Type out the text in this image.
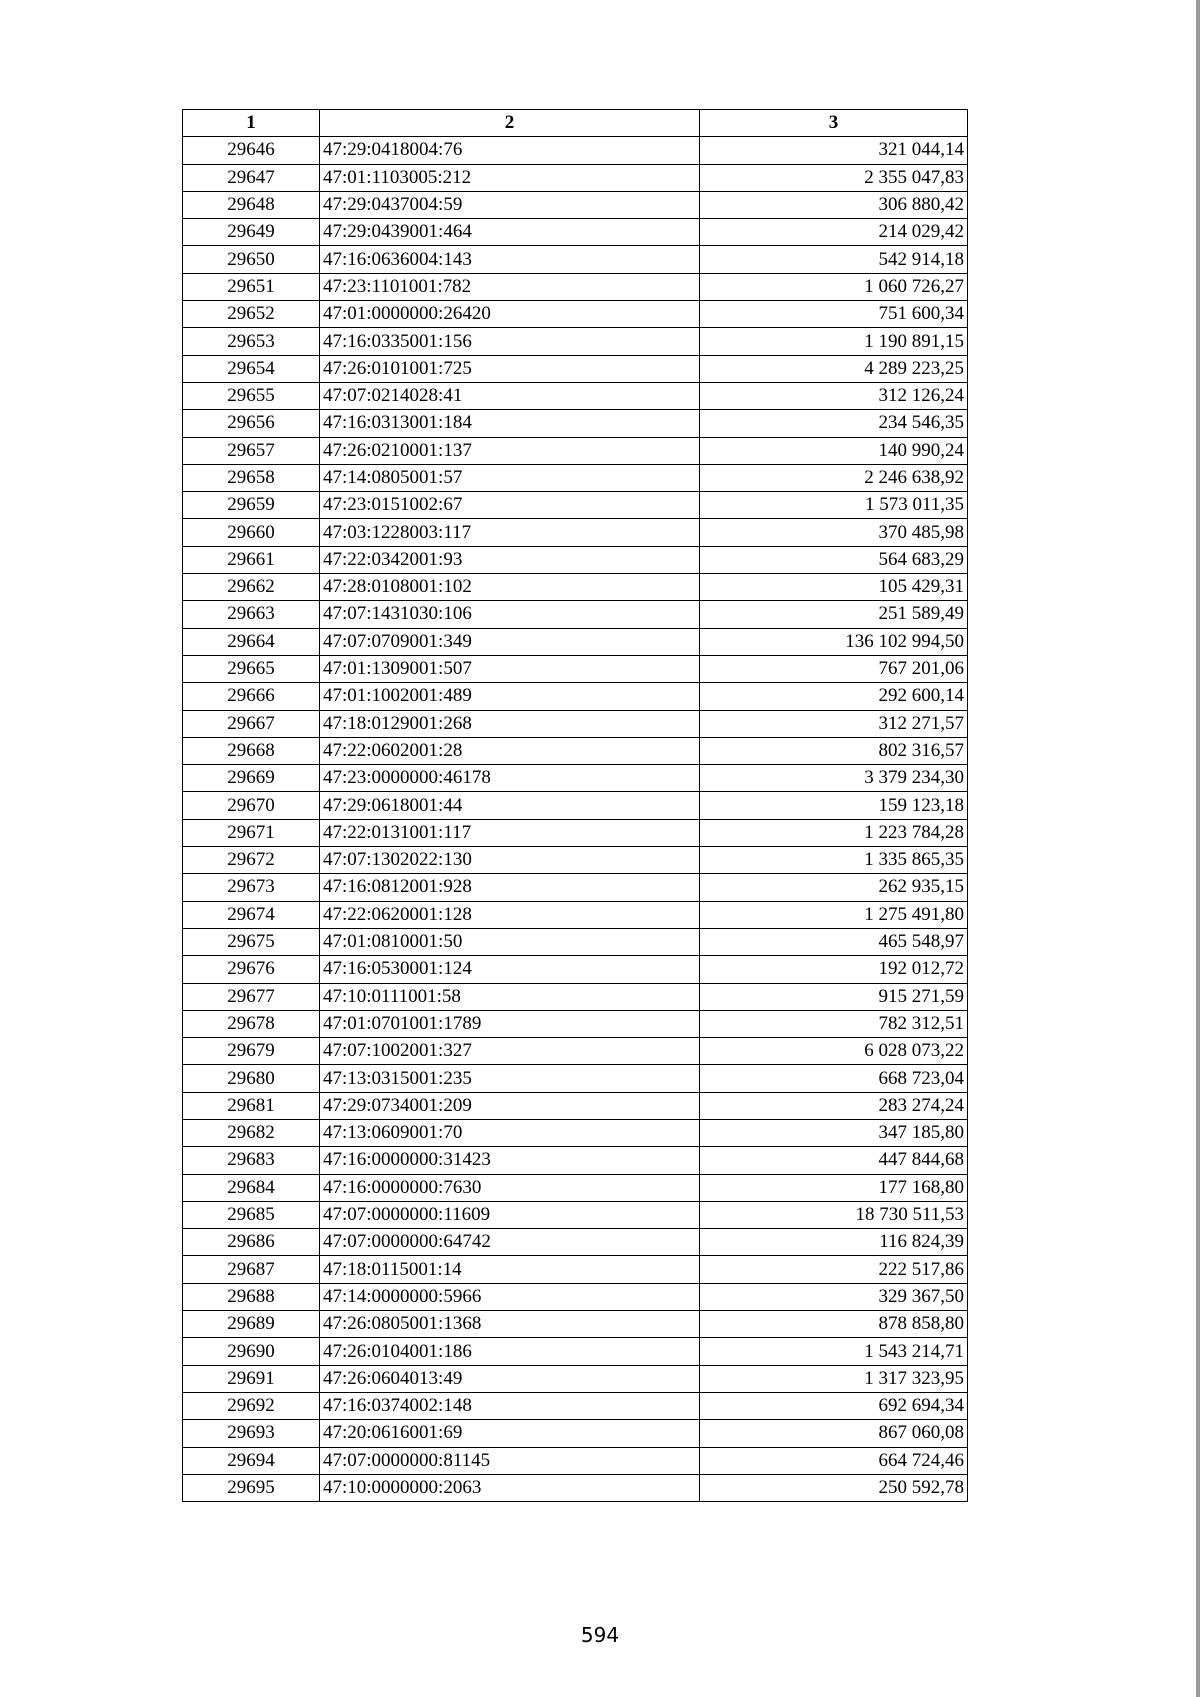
1	2	3
29646	47:29:0418004:76	321 044,14
29647	47:01:1103005:212	2 355 047,83
29648	47:29:0437004:59	306 880,42
29649	47:29:0439001:464	214 029,42
29650	47:16:0636004:143	542 914,18
29651	47:23:1101001:782	1 060 726,27
29652	47:01:0000000:26420	751 600,34
29653	47:16:0335001:156	1 190 891,15
29654	47:26:0101001:725	4 289 223,25
29655	47:07:0214028:41	312 126,24
29656	47:16:0313001:184	234 546,35
29657	47:26:0210001:137	140 990,24
29658	47:14:0805001:57	2 246 638,92
29659	47:23:0151002:67	1 573 011,35
29660	47:03:1228003:117	370 485,98
29661	47:22:0342001:93	564 683,29
29662	47:28:0108001:102	105 429,31
29663	47:07:1431030:106	251 589,49
29664	47:07:0709001:349	136 102 994,50
29665	47:01:1309001:507	767 201,06
29666	47:01:1002001:489	292 600,14
29667	47:18:0129001:268	312 271,57
29668	47:22:0602001:28	802 316,57
29669	47:23:0000000:46178	3 379 234,30
29670	47:29:0618001:44	159 123,18
29671	47:22:0131001:117	1 223 784,28
29672	47:07:1302022:130	1 335 865,35
29673	47:16:0812001:928	262 935,15
29674	47:22:0620001:128	1 275 491,80
29675	47:01:0810001:50	465 548,97
29676	47:16:0530001:124	192 012,72
29677	47:10:0111001:58	915 271,59
29678	47:01:0701001:1789	782 312,51
29679	47:07:1002001:327	6 028 073,22
29680	47:13:0315001:235	668 723,04
29681	47:29:0734001:209	283 274,24
29682	47:13:0609001:70	347 185,80
29683	47:16:0000000:31423	447 844,68
29684	47:16:0000000:7630	177 168,80
29685	47:07:0000000:11609	18 730 511,53
29686	47:07:0000000:64742	116 824,39
29687	47:18:0115001:14	222 517,86
29688	47:14:0000000:5966	329 367,50
29689	47:26:0805001:1368	878 858,80
29690	47:26:0104001:186	1 543 214,71
29691	47:26:0604013:49	1 317 323,95
29692	47:16:0374002:148	692 694,34
29693	47:20:0616001:69	867 060,08
29694	47:07:0000000:81145	664 724,46
29695	47:10:0000000:2063	250 592,78
594
